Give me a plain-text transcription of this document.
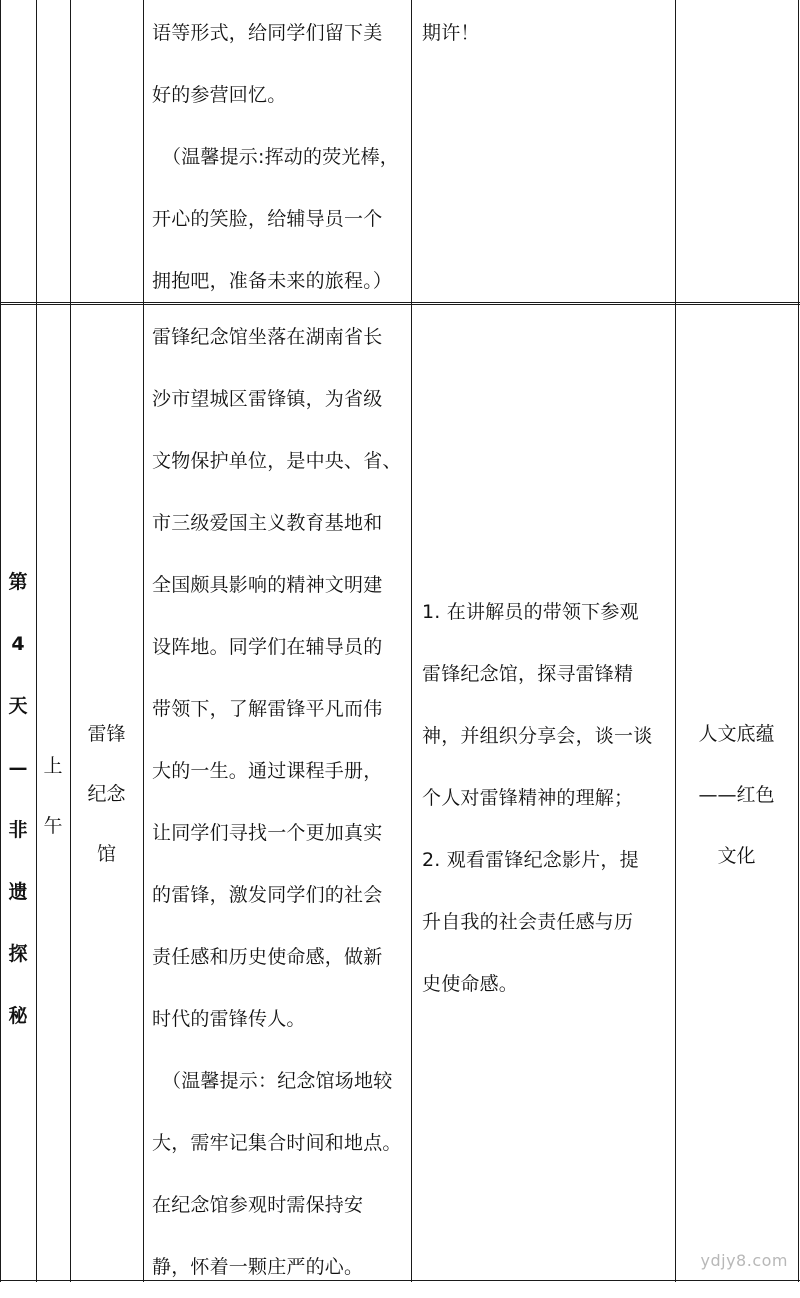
语等形式，给同学们留下美

好的参营回忆。

（温馨提示:挥动的荧光棒，

开心的笑脸，给辅导员一个

拥抱吧，准备未来的旅程。）

期许！

第
4
天
—
非
遗
探
秘
上
午
雷锋
纪念
馆

雷锋纪念馆坐落在湖南省长

沙市望城区雷锋镇，为省级

文物保护单位，是中央、省、

市三级爱国主义教育基地和

全国颇具影响的精神文明建

设阵地。同学们在辅导员的

带领下，了解雷锋平凡而伟

大的一生。通过课程手册，

让同学们寻找一个更加真实

的雷锋，激发同学们的社会

责任感和历史使命感，做新

时代的雷锋传人。

（温馨提示：纪念馆场地较

大，需牢记集合时间和地点。

在纪念馆参观时需保持安

静，怀着一颗庄严的心。

1. 在讲解员的带领下参观

雷锋纪念馆，探寻雷锋精

神，并组织分享会，谈一谈

个人对雷锋精神的理解；

2. 观看雷锋纪念影片，提

升自我的社会责任感与历

史使命感。

人文底蕴
——红色
文化
ydjy8.com
